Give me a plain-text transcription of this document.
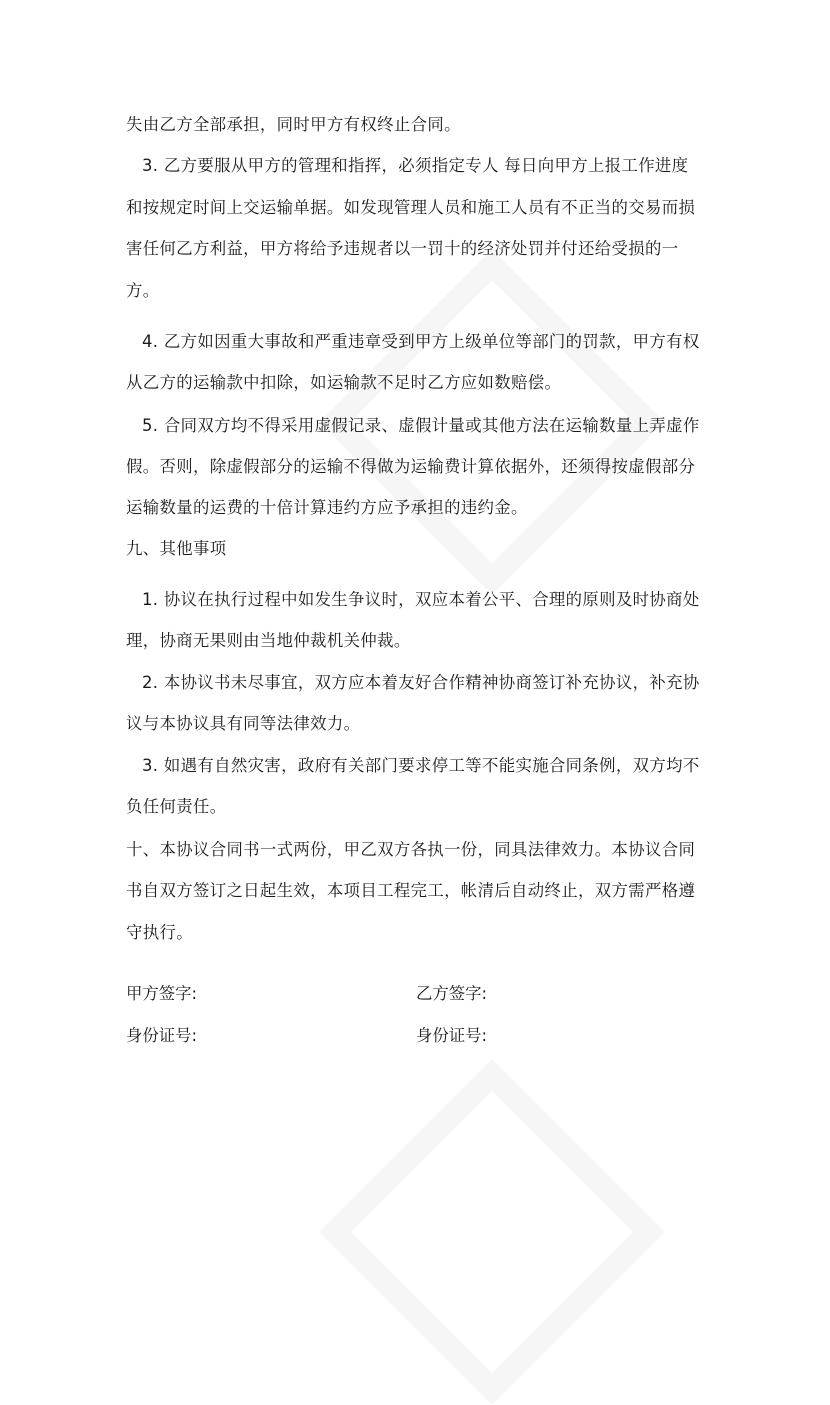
失由乙方全部承担，同时甲方有权终止合同。
3. 乙方要服从甲方的管理和指挥，必须指定专人 每日向甲方上报工作进度
和按规定时间上交运输单据。如发现管理人员和施工人员有不正当的交易而损
害任何乙方利益，甲方将给予违规者以一罚十的经济处罚并付还给受损的一
方。
4. 乙方如因重大事故和严重违章受到甲方上级单位等部门的罚款，甲方有权
从乙方的运输款中扣除，如运输款不足时乙方应如数赔偿。
5. 合同双方均不得采用虚假记录、虚假计量或其他方法在运输数量上弄虚作
假。否则，除虚假部分的运输不得做为运输费计算依据外，还须得按虚假部分
运输数量的运费的十倍计算违约方应予承担的违约金。
九、其他事项
1. 协议在执行过程中如发生争议时，双应本着公平、合理的原则及时协商处
理，协商无果则由当地仲裁机关仲裁。
2. 本协议书未尽事宜，双方应本着友好合作精神协商签订补充协议，补充协
议与本协议具有同等法律效力。
3. 如遇有自然灾害，政府有关部门要求停工等不能实施合同条例，双方均不
负任何责任。
十、本协议合同书一式两份，甲乙双方各执一份，同具法律效力。本协议合同
书自双方签订之日起生效，本项目工程完工，帐清后自动终止，双方需严格遵
守执行。
甲方签字:	乙方签字:
身份证号:	身份证号:
